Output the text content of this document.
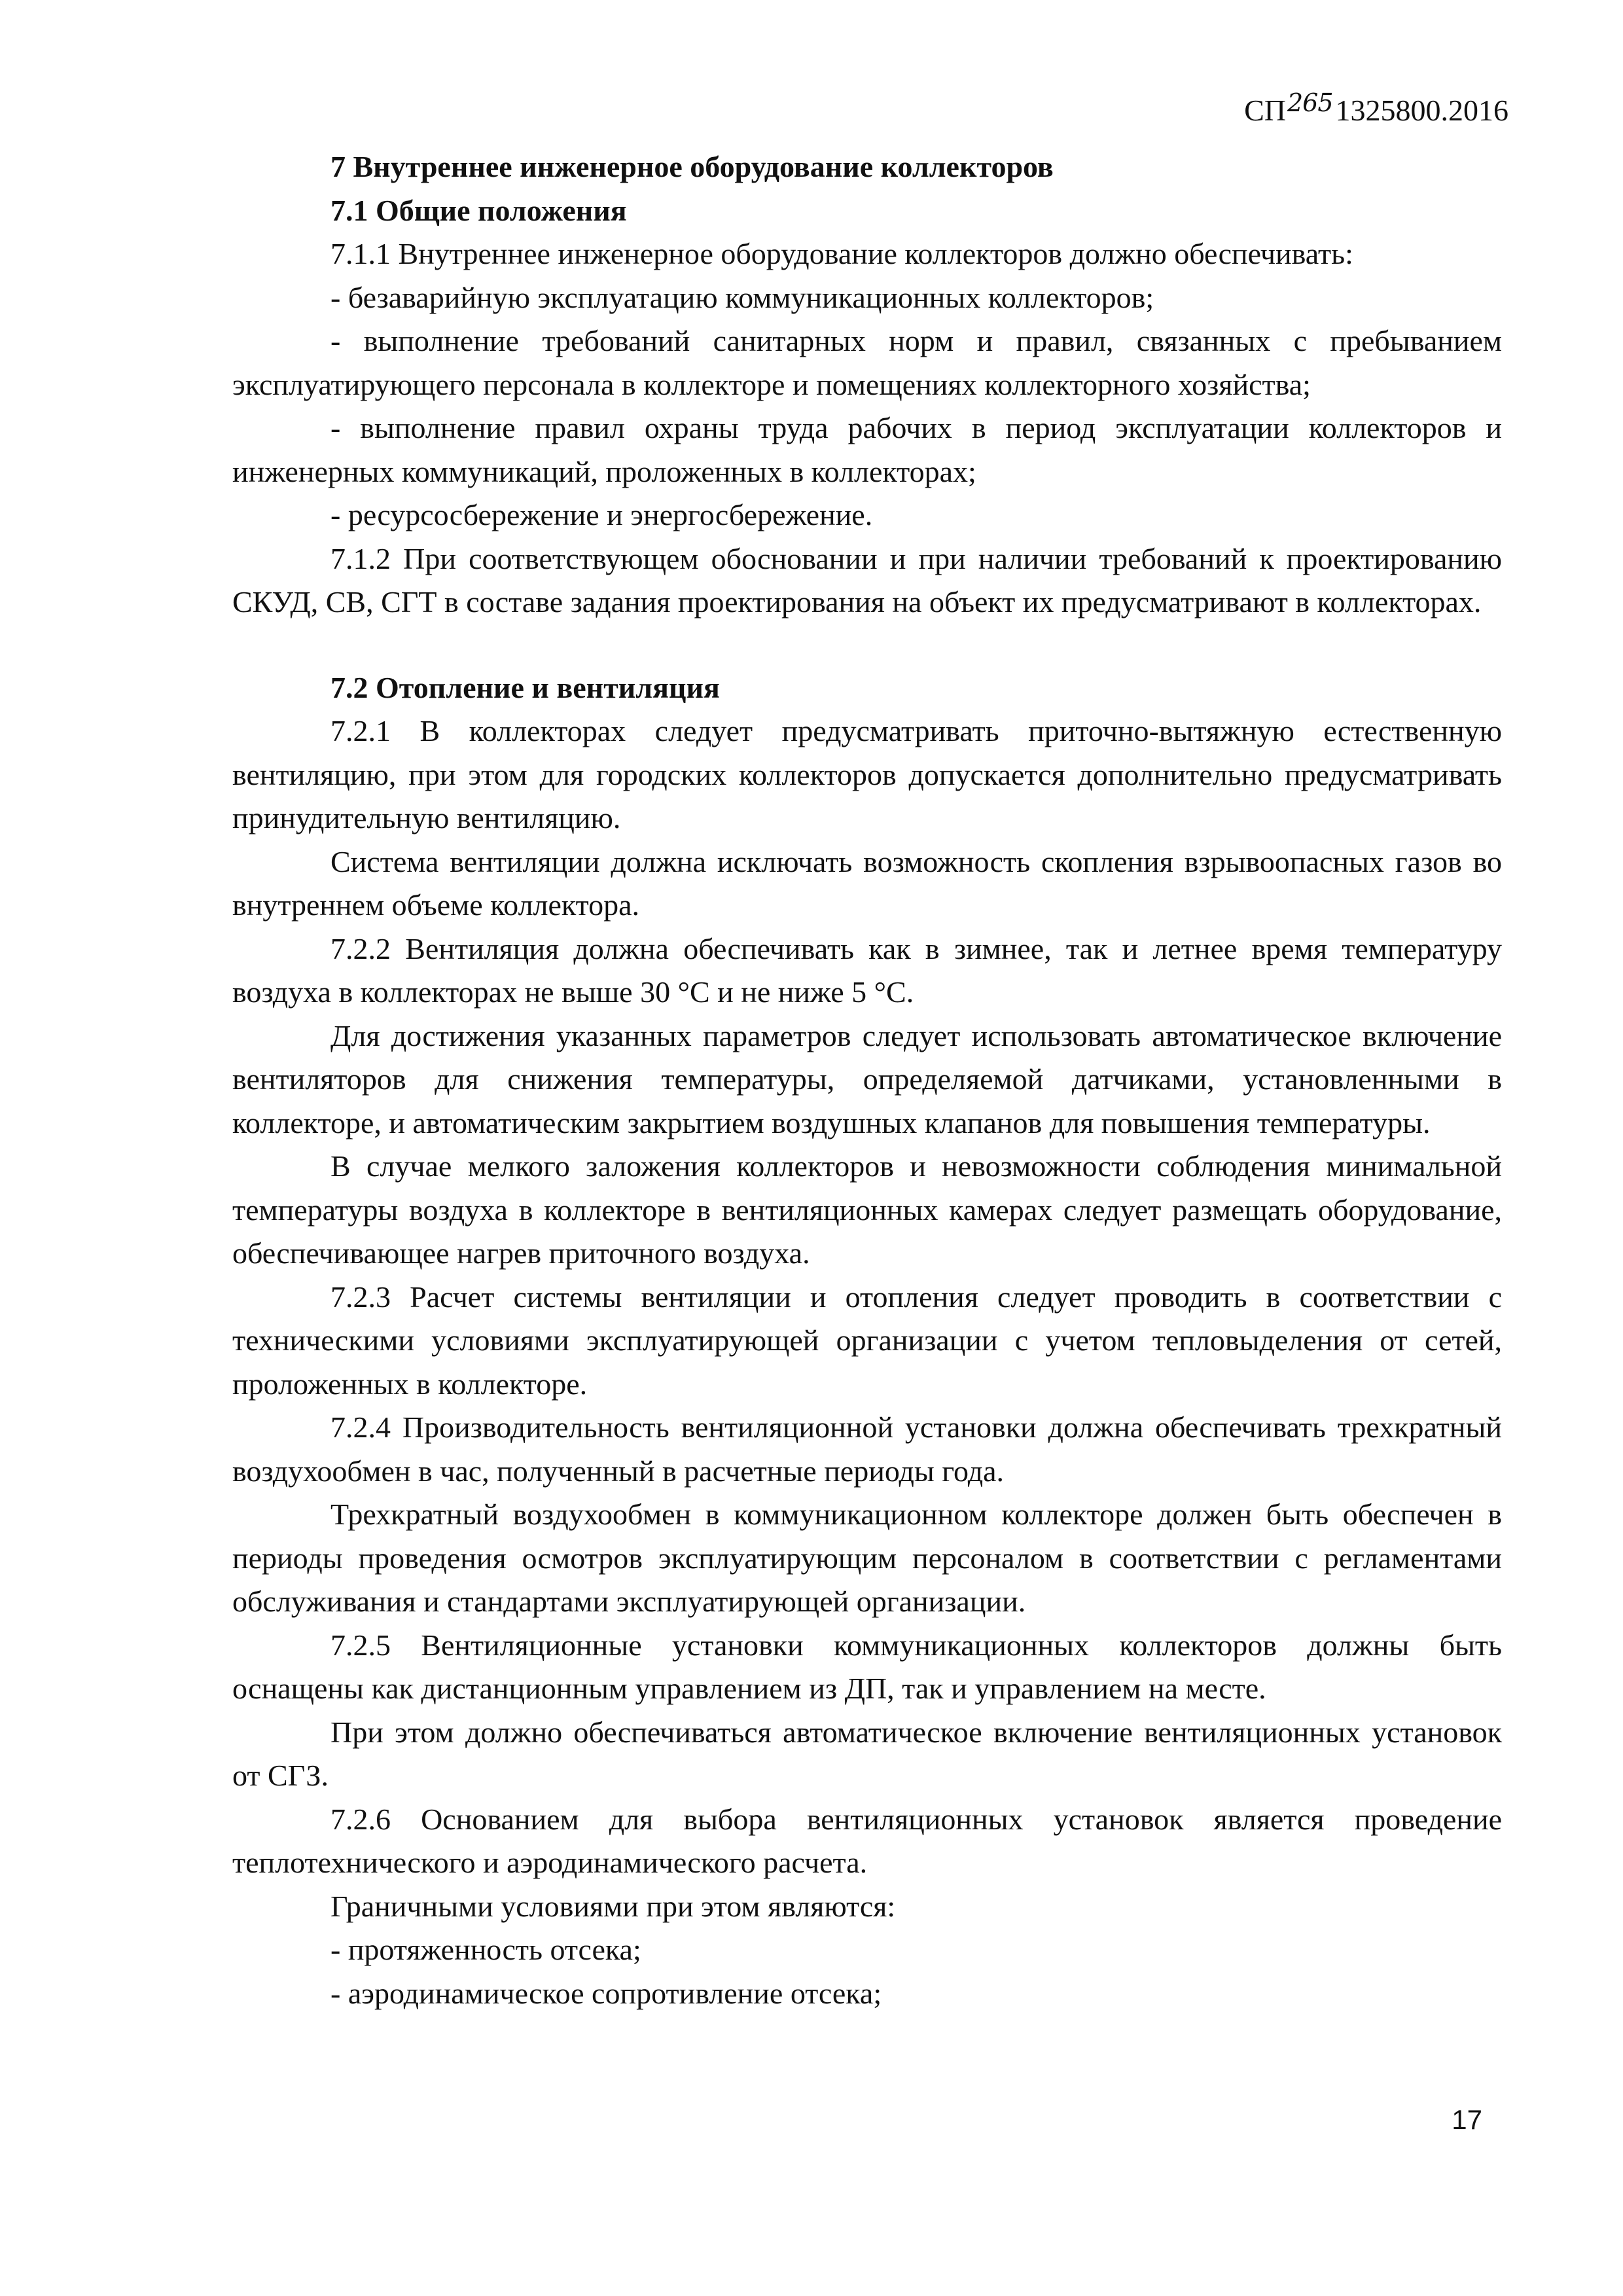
СП$^{265}$1325800.2016
7 Внутреннее инженерное оборудование коллекторов
7.1 Общие положения

7.1.1 Внутреннее инженерное оборудование коллекторов должно обеспечивать:

- безаварийную эксплуатацию коммуникационных коллекторов;

- выполнение требований санитарных норм и правил, связанных с пребыванием эксплуатирующего персонала в коллекторе и помещениях коллекторного хозяйства;

- выполнение правил охраны труда рабочих в период эксплуатации коллекторов и инженерных коммуникаций, проложенных в коллекторах;

- ресурсосбережение и энергосбережение.

7.1.2 При соответствующем обосновании и при наличии требований к проектированию СКУД, СВ, СГТ в составе задания проектирования на объект их предусматривают в коллекторах.

7.2 Отопление и вентиляция

7.2.1 В коллекторах следует предусматривать приточно-вытяжную естественную вентиляцию, при этом для городских коллекторов допускается дополнительно предусматривать принудительную вентиляцию.

Система вентиляции должна исключать возможность скопления взрывоопасных газов во внутреннем объеме коллектора.

7.2.2 Вентиляция должна обеспечивать как в зимнее, так и летнее время температуру воздуха в коллекторах не выше 30 °С и не ниже 5 °С.

Для достижения указанных параметров следует использовать автоматическое включение вентиляторов для снижения температуры, определяемой датчиками, установленными в коллекторе, и автоматическим закрытием воздушных клапанов для повышения температуры.

В случае мелкого заложения коллекторов и невозможности соблюдения минимальной температуры воздуха в коллекторе в вентиляционных камерах следует размещать оборудование, обеспечивающее нагрев приточного воздуха.

7.2.3 Расчет системы вентиляции и отопления следует проводить в соответствии с техническими условиями эксплуатирующей организации с учетом тепловыделения от сетей, проложенных в коллекторе.

7.2.4 Производительность вентиляционной установки должна обеспечивать трехкратный воздухообмен в час, полученный в расчетные периоды года.

Трехкратный воздухообмен в коммуникационном коллекторе должен быть обеспечен в периоды проведения осмотров эксплуатирующим персоналом в соответствии с регламентами обслуживания и стандартами эксплуатирующей организации.

7.2.5 Вентиляционные установки коммуникационных коллекторов должны быть оснащены как дистанционным управлением из ДП, так и управлением на месте.

При этом должно обеспечиваться автоматическое включение вентиляционных установок от СГЗ.

7.2.6 Основанием для выбора вентиляционных установок является проведение теплотехнического и аэродинамического расчета.

Граничными условиями при этом являются:

- протяженность отсека;

- аэродинамическое сопротивление отсека;

17
